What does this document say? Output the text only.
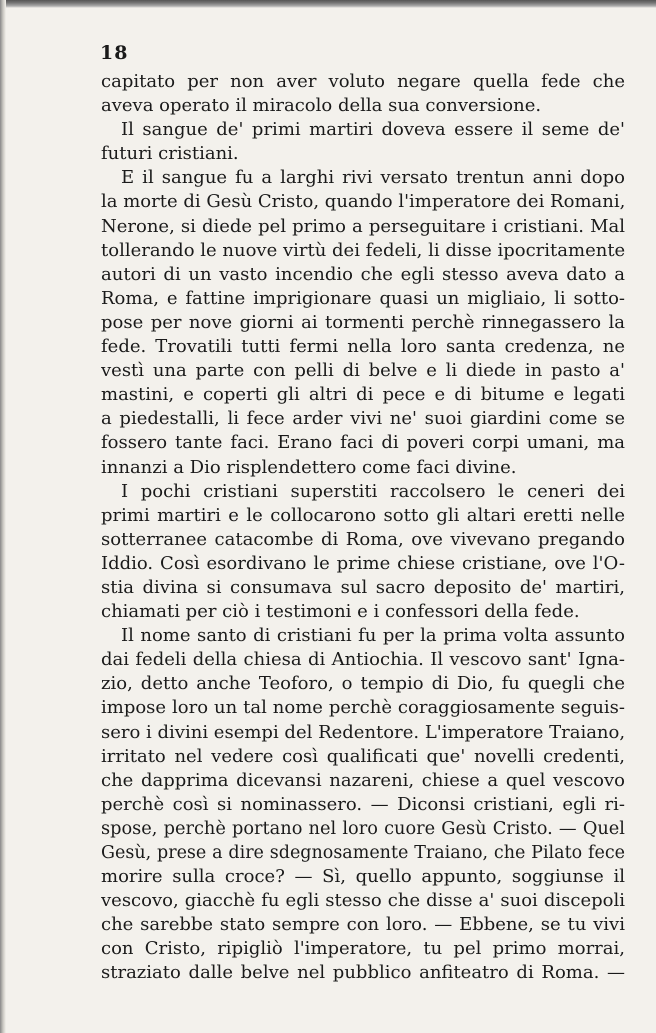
18
capitato per non aver voluto negare quella fede che
aveva operato il miracolo della sua conversione.
Il sangue de' primi martiri doveva essere il seme de'
futuri cristiani.
E il sangue fu a larghi rivi versato trentun anni dopo
la morte di Gesù Cristo, quando l'imperatore dei Romani,
Nerone, si diede pel primo a perseguitare i cristiani. Mal
tollerando le nuove virtù dei fedeli, li disse ipocritamente
autori di un vasto incendio che egli stesso aveva dato a
Roma, e fattine imprigionare quasi un migliaio, li sotto-
pose per nove giorni ai tormenti perchè rinnegassero la
fede. Trovatili tutti fermi nella loro santa credenza, ne
vestì una parte con pelli di belve e li diede in pasto a'
mastini, e coperti gli altri di pece e di bitume e legati
a piedestalli, li fece arder vivi ne' suoi giardini come se
fossero tante faci. Erano faci di poveri corpi umani, ma
innanzi a Dio risplendettero come faci divine.
I pochi cristiani superstiti raccolsero le ceneri dei
primi martiri e le collocarono sotto gli altari eretti nelle
sotterranee catacombe di Roma, ove vivevano pregando
Iddio. Così esordivano le prime chiese cristiane, ove l'O-
stia divina si consumava sul sacro deposito de' martiri,
chiamati per ciò i testimoni e i confessori della fede.
Il nome santo di cristiani fu per la prima volta assunto
dai fedeli della chiesa di Antiochia. Il vescovo sant' Igna-
zio, detto anche Teoforo, o tempio di Dio, fu quegli che
impose loro un tal nome perchè coraggiosamente seguis-
sero i divini esempi del Redentore. L'imperatore Traiano,
irritato nel vedere così qualificati que' novelli credenti,
che dapprima dicevansi nazareni, chiese a quel vescovo
perchè così si nominassero. — Diconsi cristiani, egli ri-
spose, perchè portano nel loro cuore Gesù Cristo. — Quel
Gesù, prese a dire sdegnosamente Traiano, che Pilato fece
morire sulla croce? — Sì, quello appunto, soggiunse il
vescovo, giacchè fu egli stesso che disse a' suoi discepoli
che sarebbe stato sempre con loro. — Ebbene, se tu vivi
con Cristo, ripigliò l'imperatore, tu pel primo morrai,
straziato dalle belve nel pubblico anfiteatro di Roma. —
